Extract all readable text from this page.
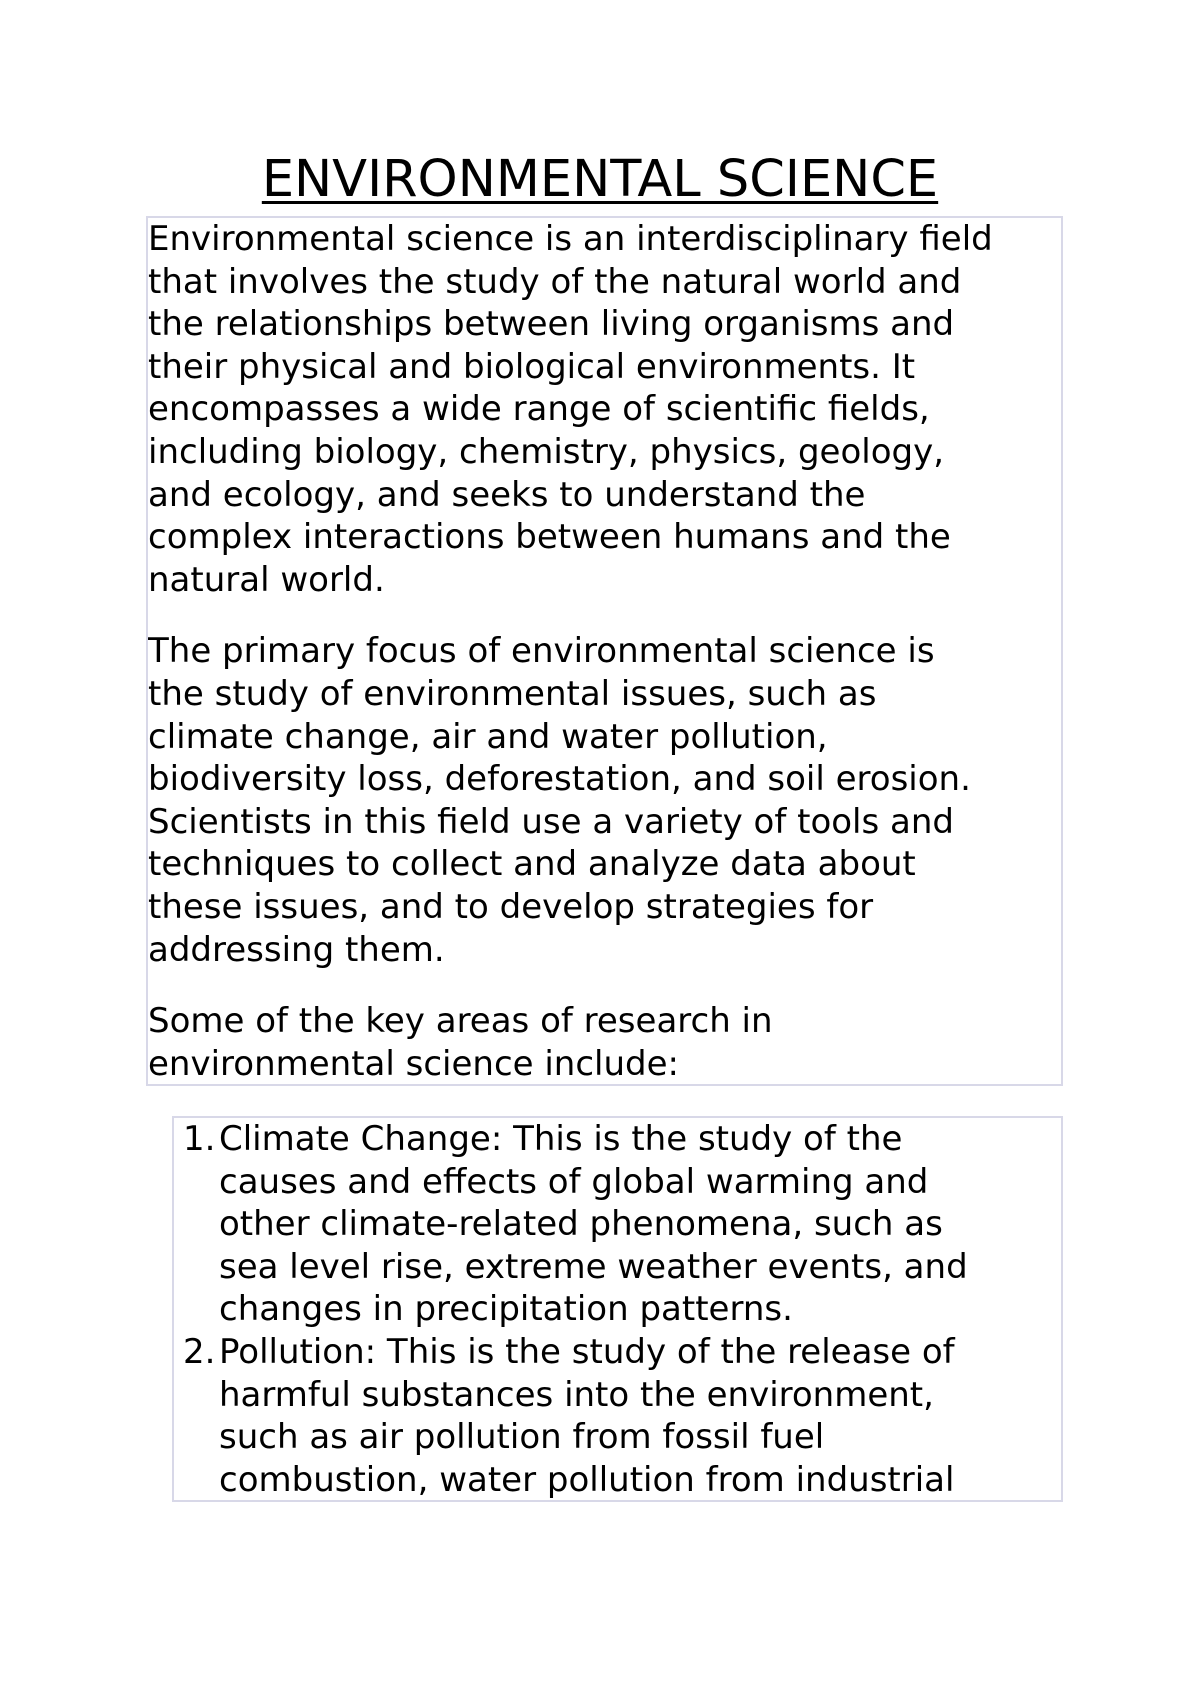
ENVIRONMENTAL SCIENCE

Environmental science is an interdisciplinary field
that involves the study of the natural world and
the relationships between living organisms and
their physical and biological environments. It
encompasses a wide range of scientific fields,
including biology, chemistry, physics, geology,
and ecology, and seeks to understand the
complex interactions between humans and the
natural world.

The primary focus of environmental science is
the study of environmental issues, such as
climate change, air and water pollution,
biodiversity loss, deforestation, and soil erosion.
Scientists in this field use a variety of tools and
techniques to collect and analyze data about
these issues, and to develop strategies for
addressing them.

Some of the key areas of research in
environmental science include:

1. Climate Change: This is the study of the
causes and effects of global warming and
other climate-related phenomena, such as
sea level rise, extreme weather events, and
changes in precipitation patterns.
2. Pollution: This is the study of the release of
harmful substances into the environment,
such as air pollution from fossil fuel
combustion, water pollution from industrial
